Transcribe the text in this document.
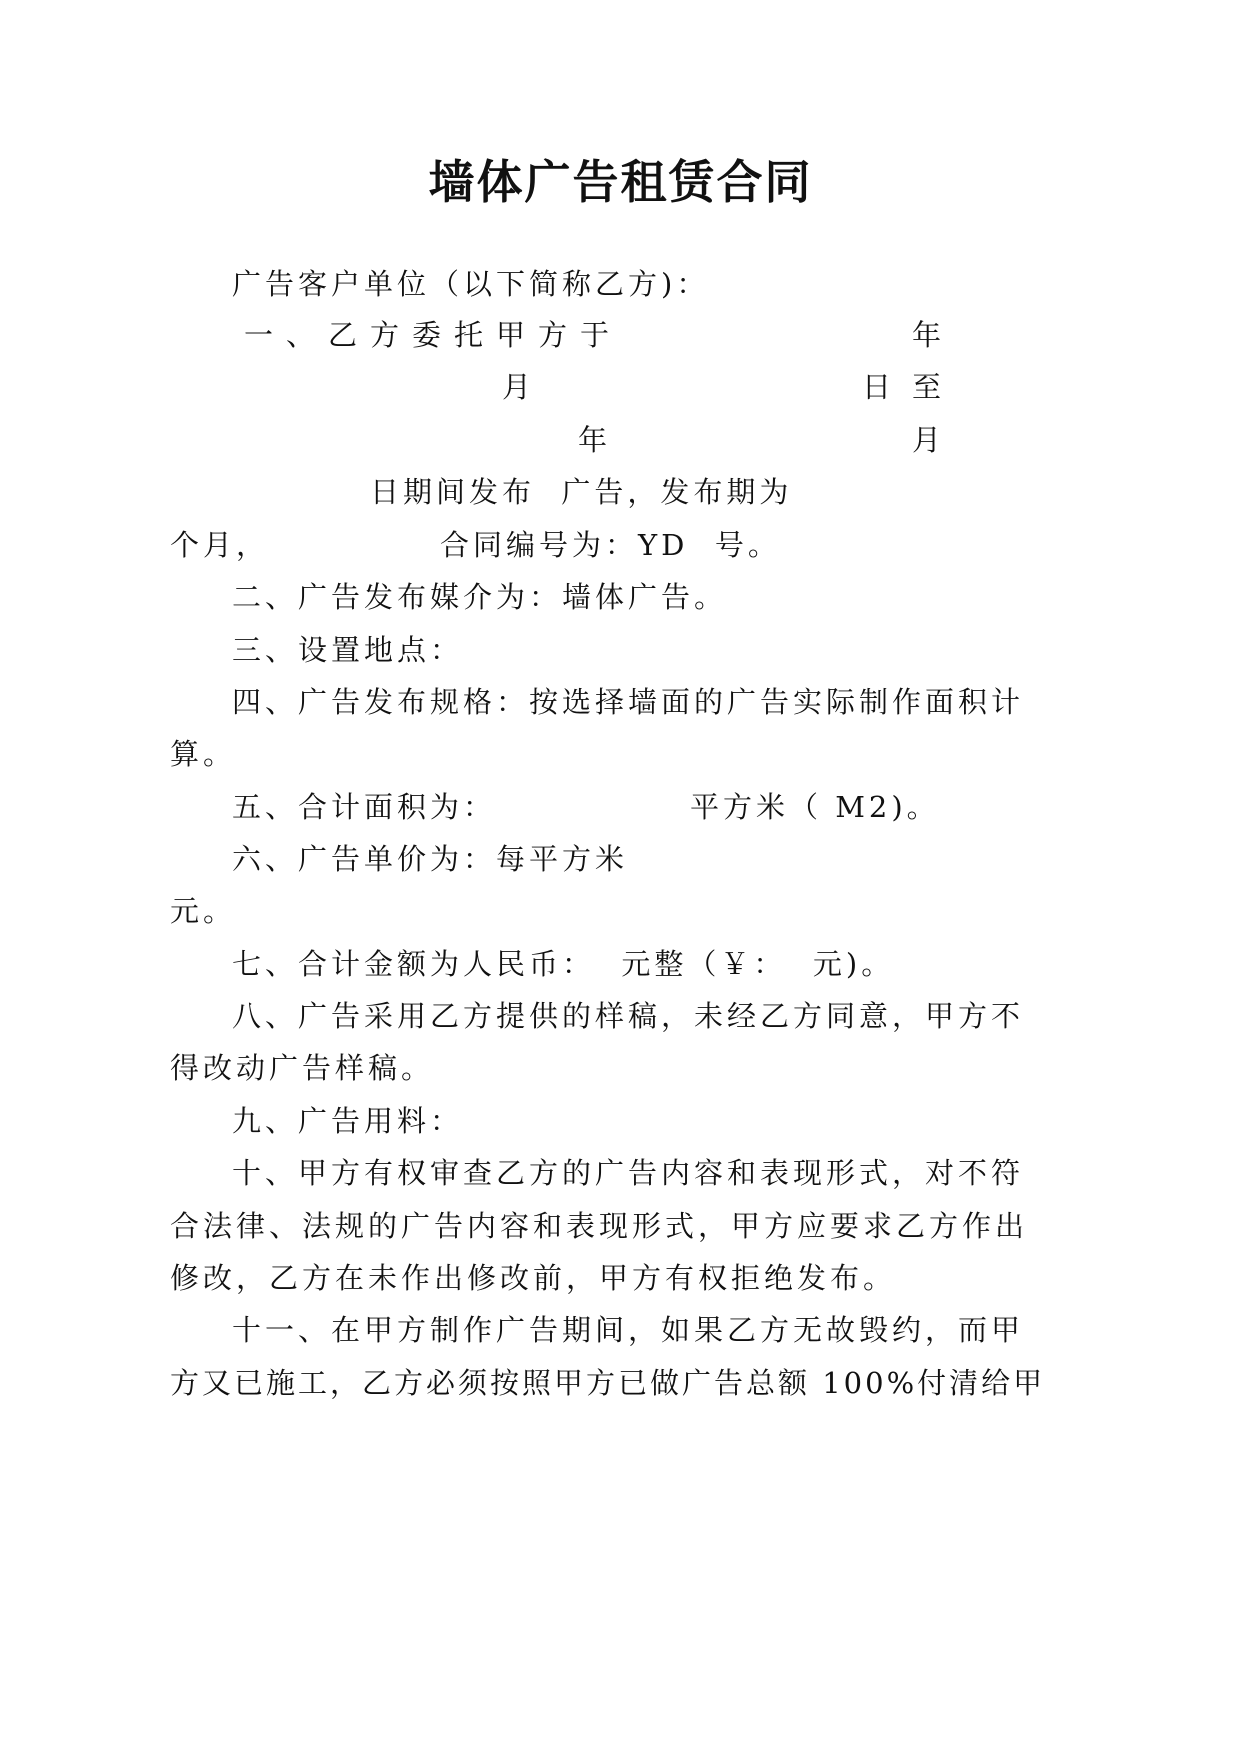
墙体广告租赁合同
广告客户单位（以下简称乙方)：
一、乙方委托甲方于	年
月	日 至
年	月
日期间发布  广告，发布期为
个月，	合同编号为：YD  号。
二、广告发布媒介为：墙体广告。
三、设置地点：
四、广告发布规格：按选择墙面的广告实际制作面积计
算。
五、合计面积为：	平方米（ M2)。
六、广告单价为：每平方米
元。
七、合计金额为人民币：  元整（￥：  元)。
八、广告采用乙方提供的样稿，未经乙方同意，甲方不
得改动广告样稿。
九、广告用料：
十、甲方有权审查乙方的广告内容和表现形式，对不符
合法律、法规的广告内容和表现形式，甲方应要求乙方作出
修改，乙方在未作出修改前，甲方有权拒绝发布。
十一、在甲方制作广告期间，如果乙方无故毁约，而甲
方又已施工，乙方必须按照甲方已做广告总额 100%付清给甲
